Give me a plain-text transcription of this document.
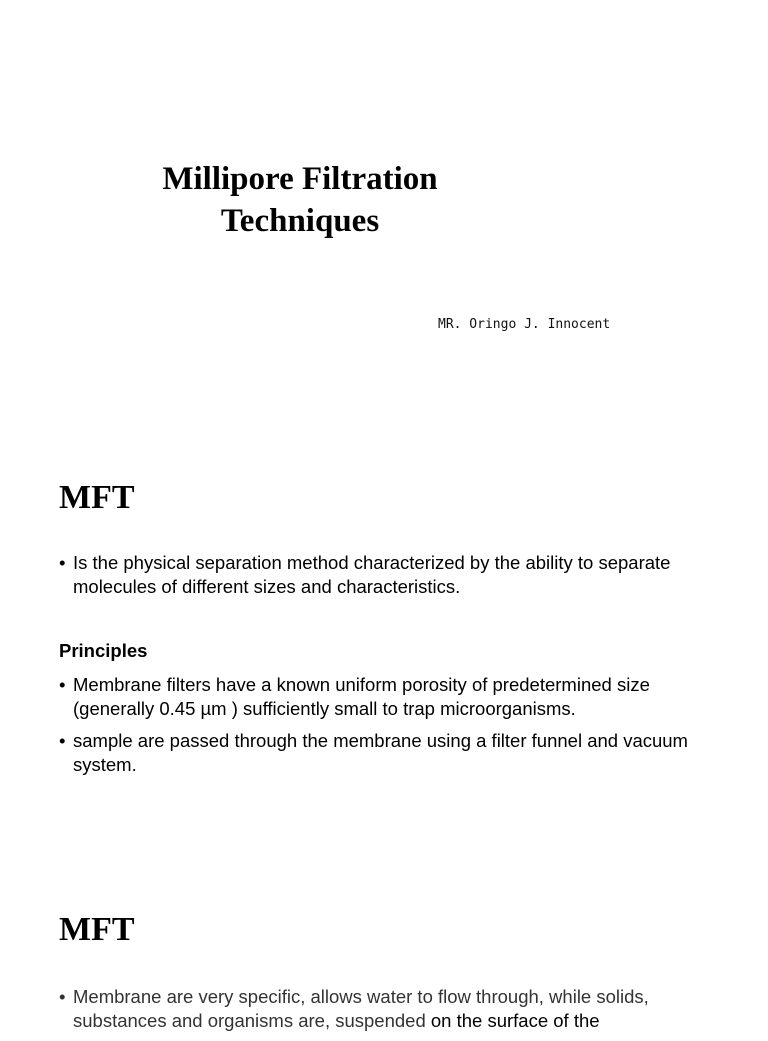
Millipore Filtration
Techniques

MR. Oringo J. Innocent

MFT
• Is the physical separation method characterized by the ability to separate molecules of different sizes and characteristics.

Principles

• Membrane filters have a known uniform porosity of predetermined size (generally 0.45 µm ) sufficiently small to trap microorganisms.
• sample are passed through the membrane using a filter funnel and vacuum system.
MFT
• Membrane are very specific, allows water to flow through, while solids, substances and organisms are, suspended on the surface of the
